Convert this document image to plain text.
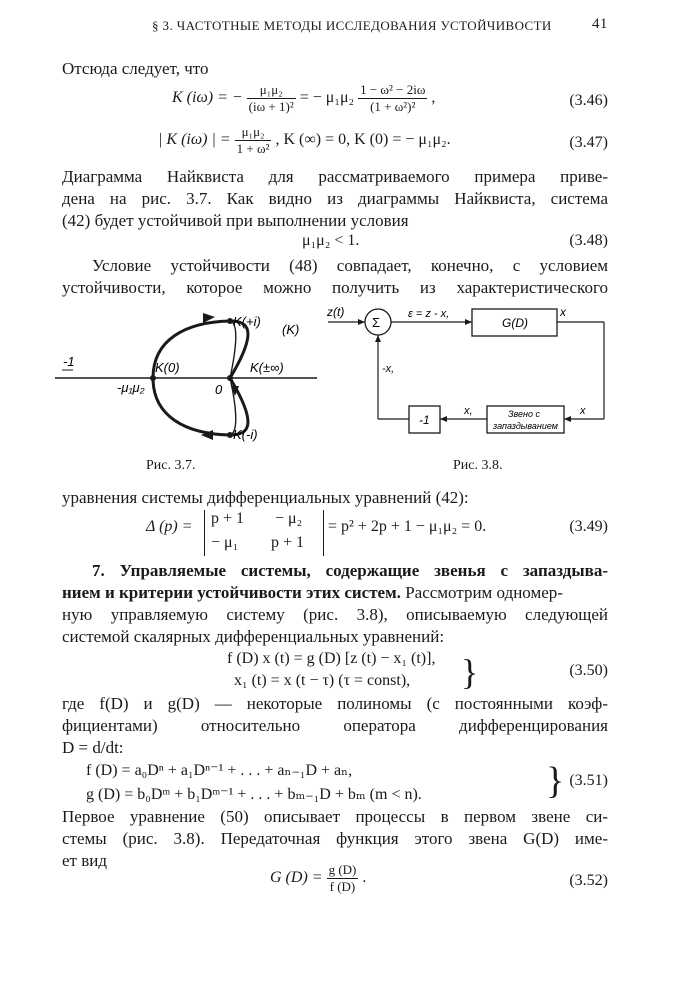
§ 3. ЧАСТОТНЫЕ МЕТОДЫ ИССЛЕДОВАНИЯ УСТОЙЧИВОСТИ	41
Отсюда следует, что
K (iω) = − $\frac{\text{μ₁μ₂}}{\text{(iω + 1)²}}$ = − $\mu_1\mu_2 \frac{\text{1 − ω² − 2iω}}{\text{(1 + ω²)²}}$ ,	(3.46)
| K (iω) | = $\frac{\text{μ₁μ₂}}{\text{1 + ω²}}$ , K (∞) = 0, K (0) = − μ₁μ₂.	(3.47)
Диаграмма Найквиста для рассматриваемого примера приве-
дена на рис. 3.7. Как видно из диаграммы Найквиста, система
(42) будет устойчивой при выполнении условия
μ₁μ₂ < 1.	(3.48)
Условие устойчивости (48) совпадает, конечно, с условием
устойчивости, которое можно получить из характеристического
-1	K(0)	K(±∞)
K(+i)
K(-i)
(K)
-μ₁μ₂	0
Рис. 3.7.
z(t)
Σ
ε = z - x,
G(D)
x
-x,
x,	x
-1	Звено с
запаздыванием
Рис. 3.8.
уравнения системы дифференциальных уравнений (42):
Δ (p) = p + 1 − μ₂
− μ₁ p + 1
= p² + 2p + 1 − μ₁μ₂ = 0.	(3.49)
7. Управляемые системы, содержащие звенья с запаздыва-
нием и критерии устойчивости этих систем. Рассмотрим одномер-
ную управляемую систему (рис. 3.8), описываемую следующей
системой скалярных дифференциальных уравнений:
f (D) x (t) = g (D) [z (t) − x₁ (t)],
x₁ (t) = x (t − τ) (τ = const), }	(3.50)
где f(D) и g(D) — некоторые полиномы (с постоянными коэф-
фициентами) относительно оператора дифференцирования
D = d/dt:
f (D) = a₀Dⁿ + a₁Dⁿ⁻¹ + . . . + aₙ₋₁D + aₙ,
g (D) = b₀Dᵐ + b₁Dᵐ⁻¹ + . . . + bₘ₋₁D + bₘ (m < n).	} (3.51)
Первое уравнение (50) описывает процессы в первом звене си-
стемы (рис. 3.8). Передаточная функция этого звена G(D) име-
ет вид
G $(D) = \frac{g (D)}{f (D)}$ .	(3.52)
